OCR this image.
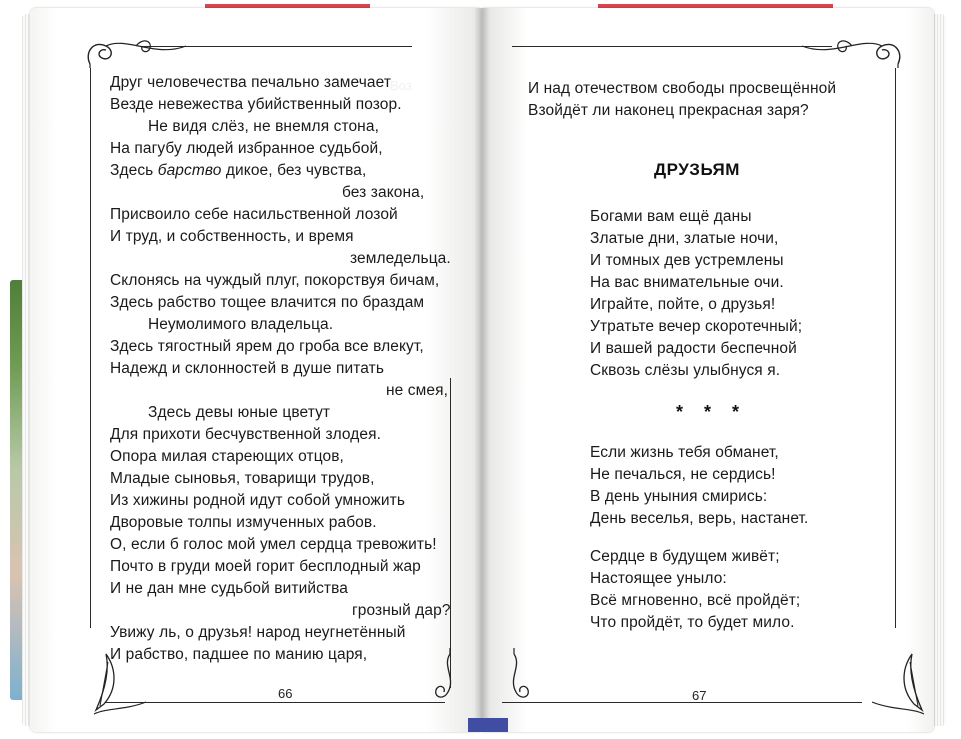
Воз
Друг человечества печально замечает
Везде невежества убийственный позор.
Не видя слёз, не внемля стона,
На пагубу людей избранное судьбой,
Здесь барство дикое, без чувства,
без закона,
Присвоило себе насильственной лозой
И труд, и собственность, и время
земледельца.
Склонясь на чуждый плуг, покорствуя бичам,
Здесь рабство тощее влачится по браздам
Неумолимого владельца.
Здесь тягостный ярем до гроба все влекут,
Надежд и склонностей в душе питать
не смея,
Здесь девы юные цветут
Для прихоти бесчувственной злодея.
Опора милая стареющих отцов,
Младые сыновья, товарищи трудов,
Из хижины родной идут собой умножить
Дворовые толпы измученных рабов.
О, если б голос мой умел сердца тревожить!
Почто в груди моей горит бесплодный жар
И не дан мне судьбой витийства
грозный дар?
Увижу ль, о друзья! народ неугнетённый
И рабство, падшее по манию царя,
66
И над отечеством свободы просвещённой
Взойдёт ли наконец прекрасная заря?
ДРУЗЬЯМ
Богами вам ещё даны
Златые дни, златые ночи,
И томных дев устремлены
На вас внимательные очи.
Играйте, пойте, о друзья!
Утратьте вечер скоротечный;
И вашей радости беспечной
Сквозь слёзы улыбнуся я.
* * *
Если жизнь тебя обманет,
Не печалься, не сердись!
В день уныния смирись:
День веселья, верь, настанет.
Сердце в будущем живёт;
Настоящее уныло:
Всё мгновенно, всё пройдёт;
Что пройдёт, то будет мило.
67
